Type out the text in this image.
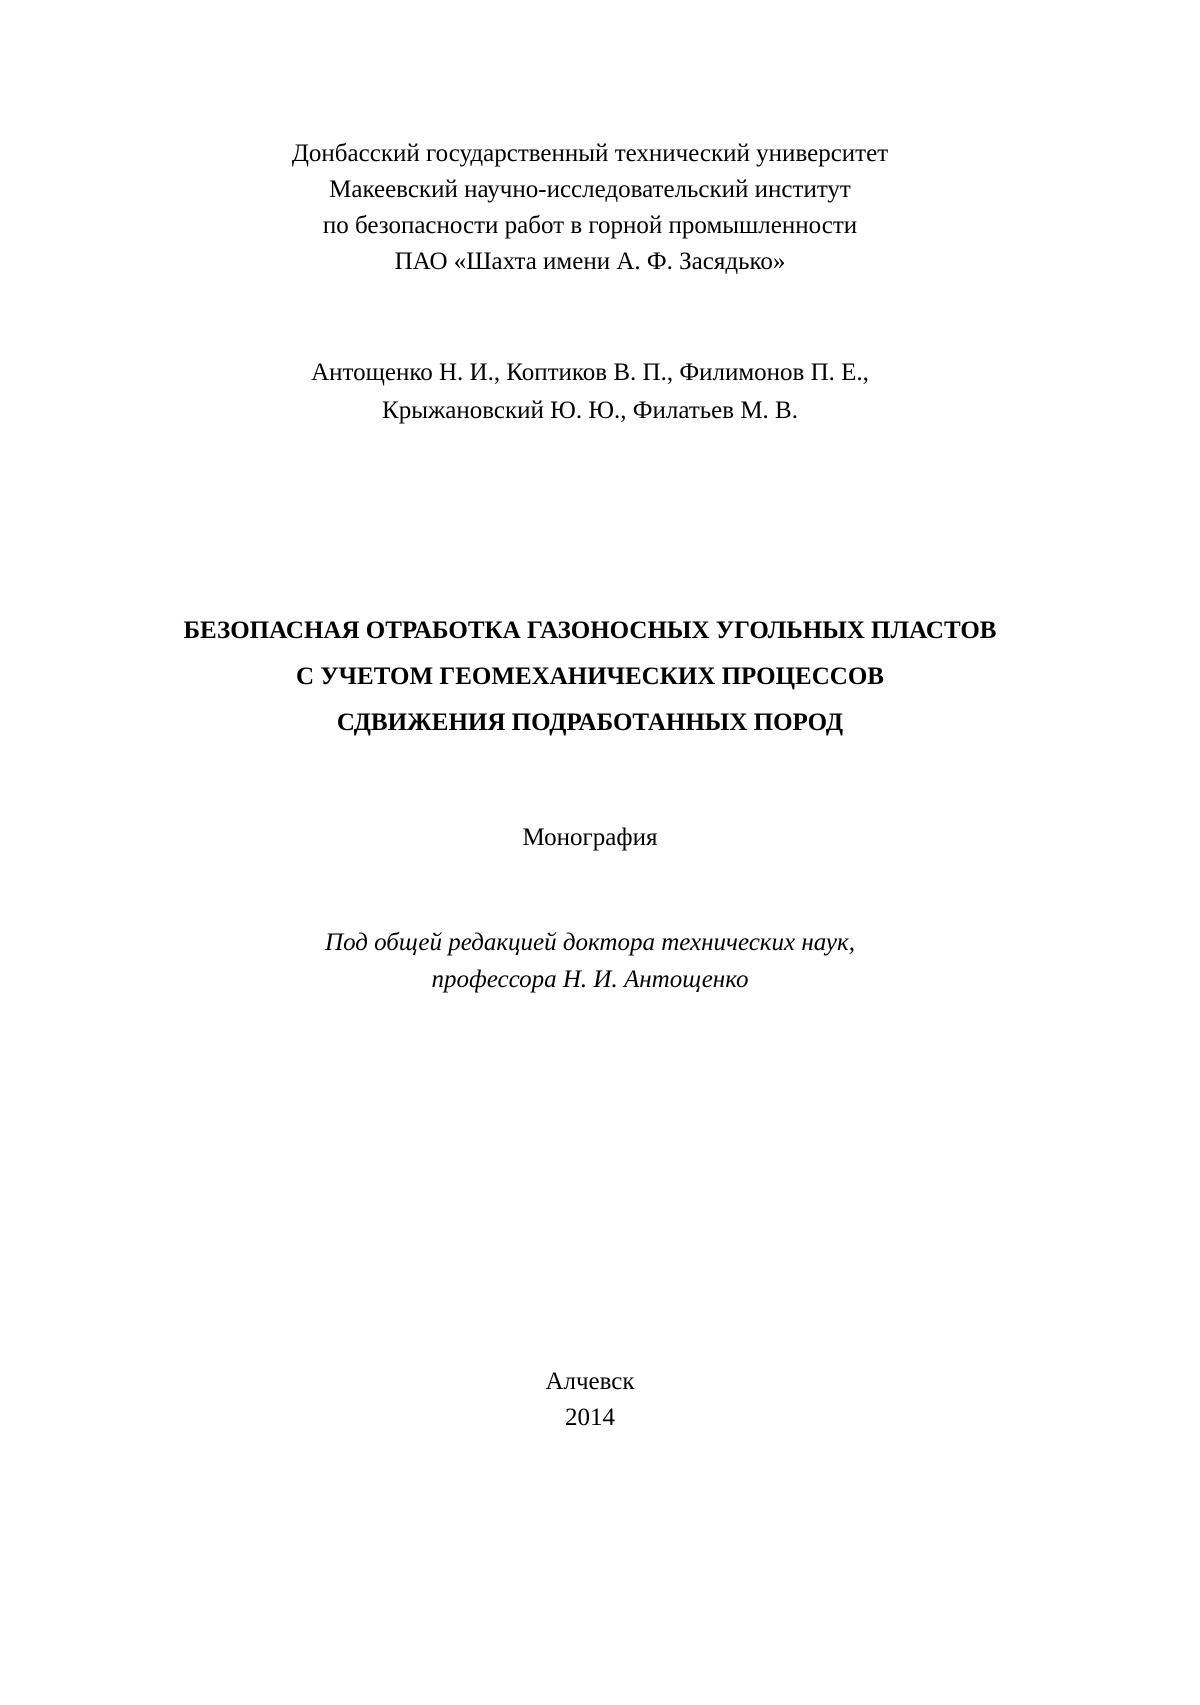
Донбасский государственный технический университет
Макеевский научно-исследовательский институт
по безопасности работ в горной промышленности
ПАО «Шахта имени А. Ф. Засядько»
Антощенко Н. И., Коптиков В. П., Филимонов П. Е.,
Крыжановский Ю. Ю., Филатьев М. В.
БЕЗОПАСНАЯ ОТРАБОТКА ГАЗОНОСНЫХ УГОЛЬНЫХ ПЛАСТОВ
С УЧЕТОМ ГЕОМЕХАНИЧЕСКИХ ПРОЦЕССОВ
СДВИЖЕНИЯ ПОДРАБОТАННЫХ ПОРОД
Монография
Под общей редакцией доктора технических наук,
профессора Н. И. Антощенко
Алчевск
2014
